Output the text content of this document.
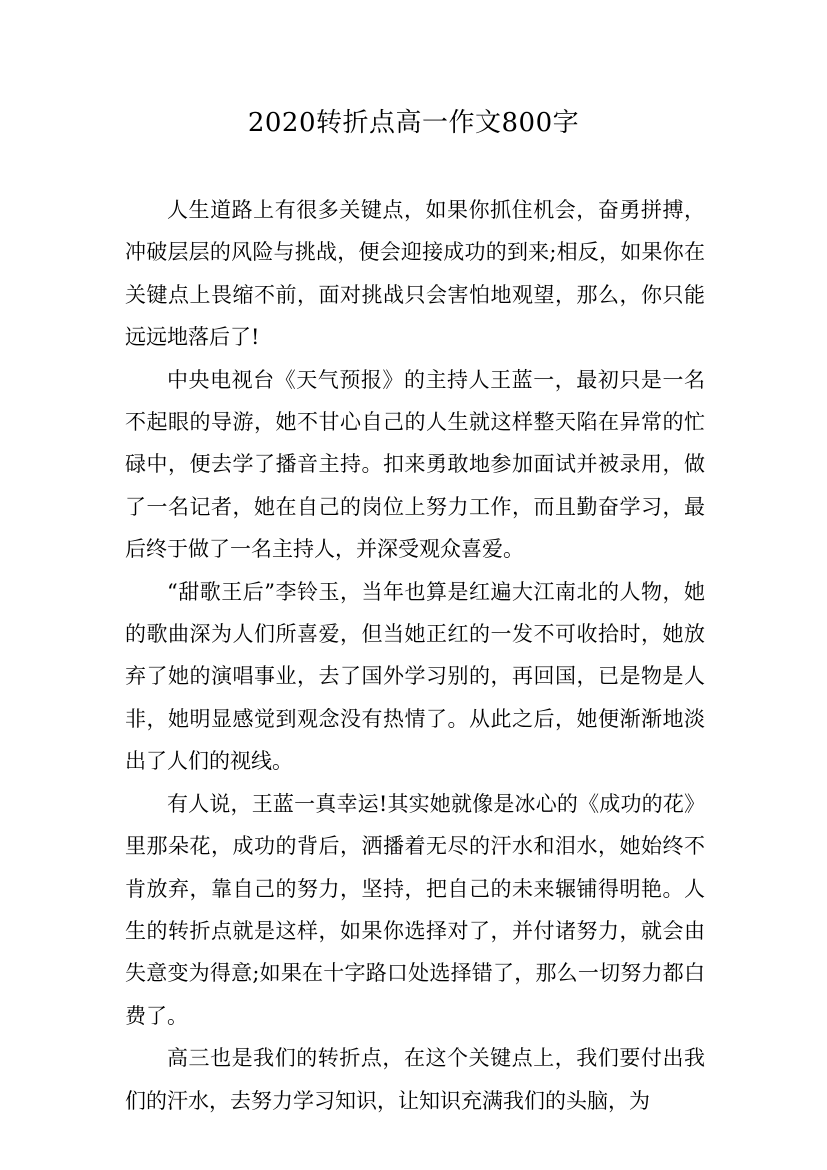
2020转折点高一作文800字

人生道路上有很多关键点，如果你抓住机会，奋勇拼搏，冲破层层的风险与挑战，便会迎接成功的到来;相反，如果你在关键点上畏缩不前，面对挑战只会害怕地观望，那么，你只能远远地落后了!

中央电视台《天气预报》的主持人王蓝一，最初只是一名不起眼的导游，她不甘心自己的人生就这样整天陷在异常的忙碌中，便去学了播音主持。扣来勇敢地参加面试并被录用，做了一名记者，她在自己的岗位上努力工作，而且勤奋学习，最后终于做了一名主持人，并深受观众喜爱。

“甜歌王后”李铃玉，当年也算是红遍大江南北的人物，她的歌曲深为人们所喜爱，但当她正红的一发不可收拾时，她放弃了她的演唱事业，去了国外学习别的，再回国，已是物是人非，她明显感觉到观念没有热情了。从此之后，她便渐渐地淡出了人们的视线。

有人说，王蓝一真幸运!其实她就像是冰心的《成功的花》里那朵花，成功的背后，洒播着无尽的汗水和泪水，她始终不肯放弃，靠自己的努力，坚持，把自己的未来辗铺得明艳。人生的转折点就是这样，如果你选择对了，并付诸努力，就会由失意变为得意;如果在十字路口处选择错了，那么一切努力都白费了。

高三也是我们的转折点，在这个关键点上，我们要付出我们的汗水，去努力学习知识，让知识充满我们的头脑，为
